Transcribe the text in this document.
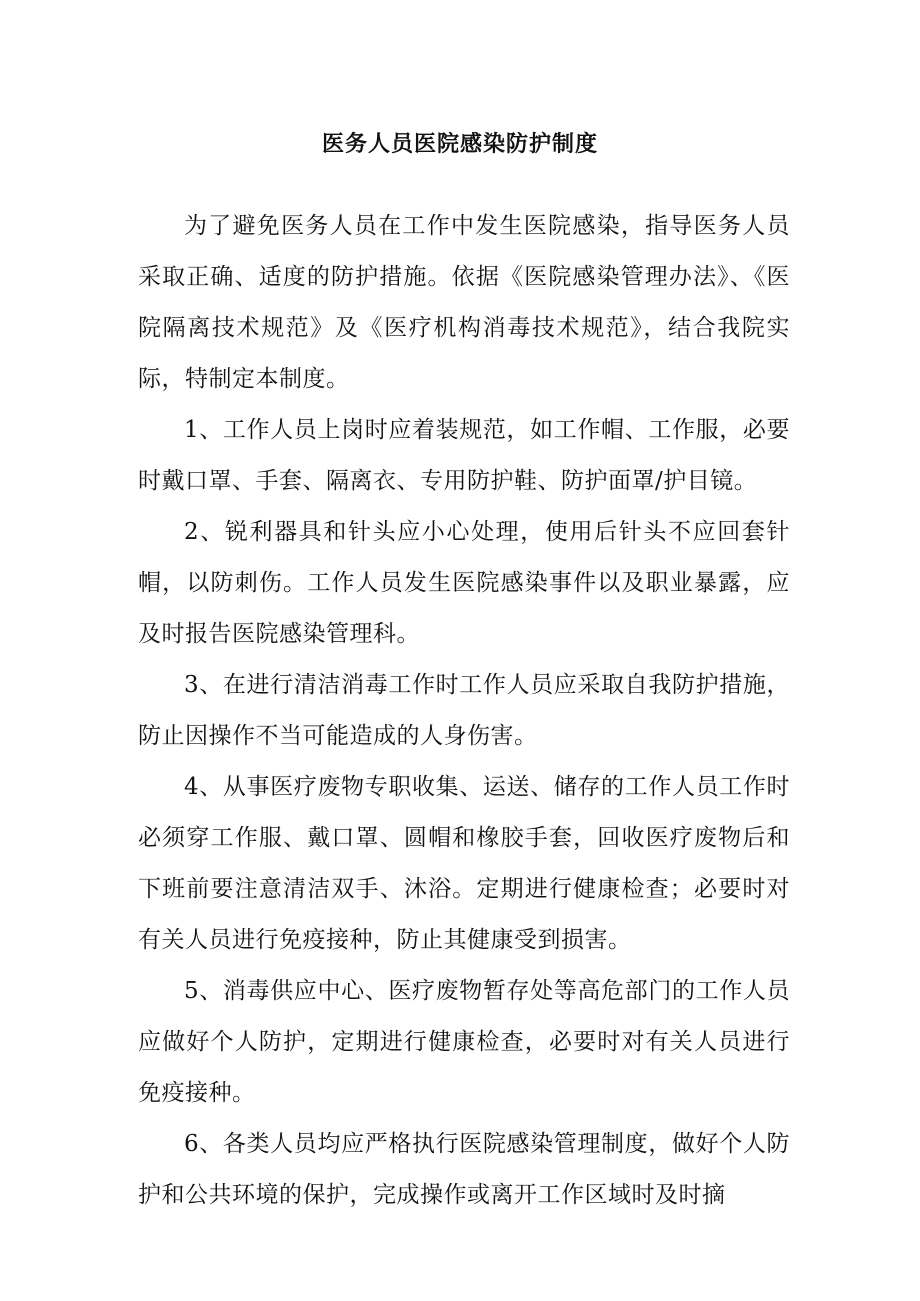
医务人员医院感染防护制度

为了避免医务人员在工作中发生医院感染，指导医务人员采取正确、适度的防护措施。依据《医院感染管理办法》、《医院隔离技术规范》及《医疗机构消毒技术规范》，结合我院实际，特制定本制度。

1、工作人员上岗时应着装规范，如工作帽、工作服，必要时戴口罩、手套、隔离衣、专用防护鞋、防护面罩/护目镜。

2、锐利器具和针头应小心处理，使用后针头不应回套针帽，以防刺伤。工作人员发生医院感染事件以及职业暴露，应及时报告医院感染管理科。

3、在进行清洁消毒工作时工作人员应采取自我防护措施，防止因操作不当可能造成的人身伤害。

4、从事医疗废物专职收集、运送、储存的工作人员工作时必须穿工作服、戴口罩、圆帽和橡胶手套，回收医疗废物后和下班前要注意清洁双手、沐浴。定期进行健康检查；必要时对有关人员进行免疫接种，防止其健康受到损害。

5、消毒供应中心、医疗废物暂存处等高危部门的工作人员应做好个人防护，定期进行健康检查，必要时对有关人员进行免疫接种。

6、各类人员均应严格执行医院感染管理制度，做好个人防护和公共环境的保护，完成操作或离开工作区域时及时摘
